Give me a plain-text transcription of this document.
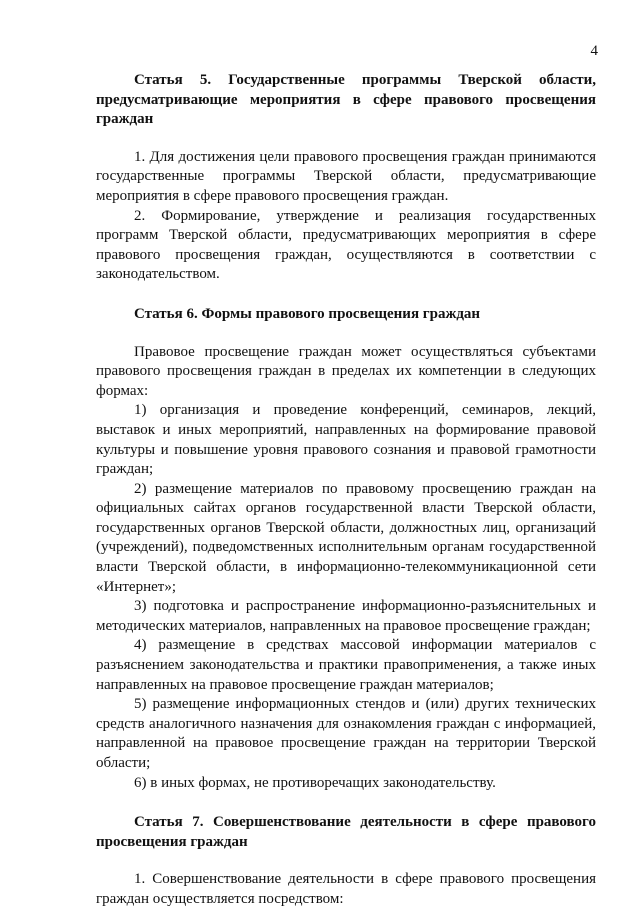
4

Статья 5. Государственные программы Тверской области, предусматривающие мероприятия в сфере правового просвещения граждан

1. Для достижения цели правового просвещения граждан принимаются государственные программы Тверской области, предусматривающие мероприятия в сфере правового просвещения граждан.

2. Формирование, утверждение и реализация государственных программ Тверской области, предусматривающих мероприятия в сфере правового просвещения граждан, осуществляются в соответствии с законодательством.

Статья 6. Формы правового просвещения граждан

Правовое просвещение граждан может осуществляться субъектами правового просвещения граждан в пределах их компетенции в следующих формах:

1) организация и проведение конференций, семинаров, лекций, выставок и иных мероприятий, направленных на формирование правовой культуры и повышение уровня правового сознания и правовой грамотности граждан;

2) размещение материалов по правовому просвещению граждан на официальных сайтах органов государственной власти Тверской области, государственных органов Тверской области, должностных лиц, организаций (учреждений), подведомственных исполнительным органам государственной власти Тверской области, в информационно-телекоммуникационной сети «Интернет»;

3) подготовка и распространение информационно-разъяснительных и методических материалов, направленных на правовое просвещение граждан;

4) размещение в средствах массовой информации материалов с разъяснением законодательства и практики правоприменения, а также иных направленных на правовое просвещение граждан материалов;

5) размещение информационных стендов и (или) других технических средств аналогичного назначения для ознакомления граждан с информацией, направленной на правовое просвещение граждан на территории Тверской области;

6) в иных формах, не противоречащих законодательству.

Статья 7. Совершенствование деятельности в сфере правового просвещения граждан

1. Совершенствование деятельности в сфере правового просвещения граждан осуществляется посредством:
